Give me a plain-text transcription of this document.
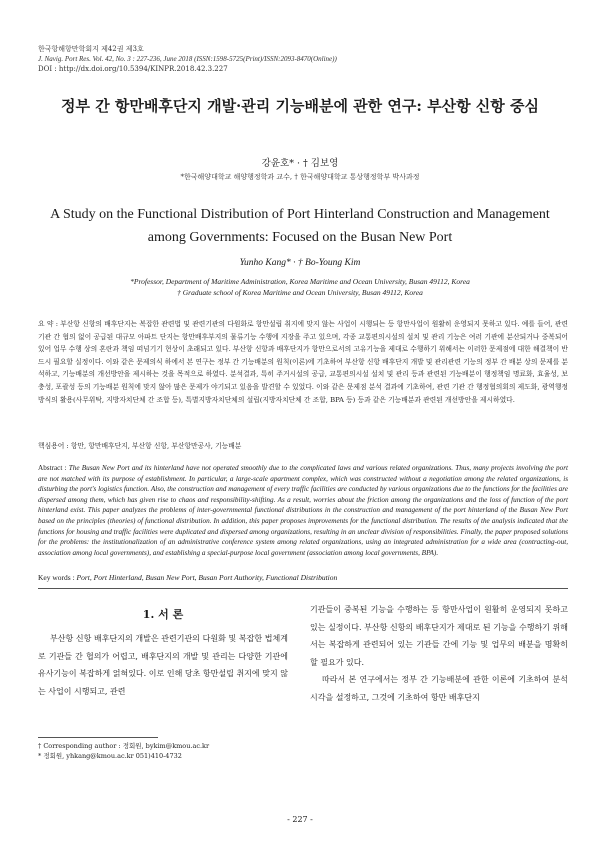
한국항해항만학회지 제42권 제3호
J. Navig. Port Res. Vol. 42, No. 3 : 227-236, June 2018 (ISSN:1598-5725(Print)/ISSN:2093-8470(Online))
DOI : http://dx.doi.org/10.5394/KINPR.2018.42.3.227
정부 간 항만배후단지 개발·관리 기능배분에 관한 연구: 부산항 신항 중심
강윤호* · † 김보영
*한국해양대학교 해양행정학과 교수, † 한국해양대학교 통상행정학부 박사과정
A Study on the Functional Distribution of Port Hinterland Construction and Management among Governments: Focused on the Busan New Port
Yunho Kang* · † Bo-Young Kim
*Professor, Department of Maritime Administration, Korea Maritime and Ocean University, Busan 49112, Korea
† Graduate school of Korea Maritime and Ocean University, Busan 49112, Korea
요 약 : 부산항 신항의 배후단지는 복잡한 관련법 및 관련기관의 다원화로 항만설립 취지에 맞지 않는 사업이 시행되는 등 항만사업이 원활히 운영되지 못하고 있다. 예를 들어, 관련기관 간 협의 없이 공급된 대규모 아파트 단지는 항만배후부지의 물류기능 수행에 지장을 주고 있으며, 각종 교통편의시설의 설치 및 관리 기능은 여러 기관에 분산되거나 중복되어 있어 업무 수행 상의 혼란과 책임 떠넘기기 현상이 초래되고 있다. 부산항 신항과 배후단지가 항만으로서의 고유기능을 제대로 수행하기 위해서는 이러한 문제점에 대한 해결책이 반드시 필요할 실정이다. 이와 같은 문제의식 하에서 본 연구는 정부 간 기능배분의 원칙(이론)에 기초하여 부산항 신항 배후단지 개발 및 관리관련 기능의 정부 간 배분 상의 문제를 분석하고, 기능배분의 개선방안을 제시하는 것을 목적으로 하였다. 분석결과, 특히 주거시설의 공급, 교통편의시설 설치 및 관리 등과 관련된 기능배분이 행정책임 명료화, 효율성, 보충성, 포괄성 등의 기능배분 원칙에 맞지 않아 많은 문제가 야기되고 있음을 발견할 수 있었다. 이와 같은 문제점 분석 결과에 기초하여, 관련 기관 간 행정협의회의 제도화, 광역행정 방식의 활용(사무위탁, 지방자치단체 간 조합 등), 특별지방자치단체의 설립(지방자치단체 간 조합, BPA 등) 등과 같은 기능배분과 관련된 개선방안을 제시하였다.
핵심용어 : 항만, 항만배후단지, 부산항 신항, 부산항만공사, 기능배분
Abstract : The Busan New Port and its hinterland have not operated smoothly due to the complicated laws and various related organizations. Thus, many projects involving the port are not matched with its purpose of establishment. In particular, a large-scale apartment complex, which was constructed without a negotiation among the related organizations, is disturbing the port's logistics function. Also, the construction and management of every traffic facilities are conducted by various organizations due to the functions for the facilities are dispersed among them, which has given rise to chaos and responsibility-shifting. As a result, worries about the friction among the organizations and the loss of function of the port hinterland exist. This paper analyzes the problems of inter-governmental functional distributions in the construction and management of the port hinterland of the Busan New Port based on the principles (theories) of functional distribution. In addition, this paper proposes improvements for the functional distribution. The results of the analysis indicated that the functions for housing and traffic facilities were duplicated and dispersed among organizations, resulting in an unclear division of responsibilities. Finally, the paper proposed solutions for the problems: the institutionalization of an administrative conference system among related organizations, using an integrated administration for a wide area (contracting-out, association among local governments), and establishing a special-purpose local government (association among local governments, BPA).
Key words : Port, Port Hinterland, Busan New Port, Busan Port Authority, Functional Distribution
1. 서 론

부산항 신항 배후단지의 개발은 관련기관의 다원화 및 복잡한 법체계로 기관들 간 협의가 어렵고, 배후단지의 개발 및 관리는 다양한 기관에 유사기능이 복잡하게 얽혀있다. 이로 인해 당초 항만설립 취지에 맞지 않는 사업이 시행되고, 관련

기관들이 중복된 기능을 수행하는 등 항만사업이 원활히 운영되지 못하고 있는 실정이다. 부산항 신항의 배후단지가 제대로 된 기능을 수행하기 위해서는 복잡하게 관련되어 있는 기관들 간에 기능 및 업무의 배분을 명확히 할 필요가 있다.

따라서 본 연구에서는 정부 간 기능배분에 관한 이론에 기초하여 분석시각을 설정하고, 그것에 기초하여 항만 배후단지

† Corresponding author : 정회원, bykim@kmou.ac.kr
* 정회원, yhkang@kmou.ac.kr 051)410-4732
- 227 -
